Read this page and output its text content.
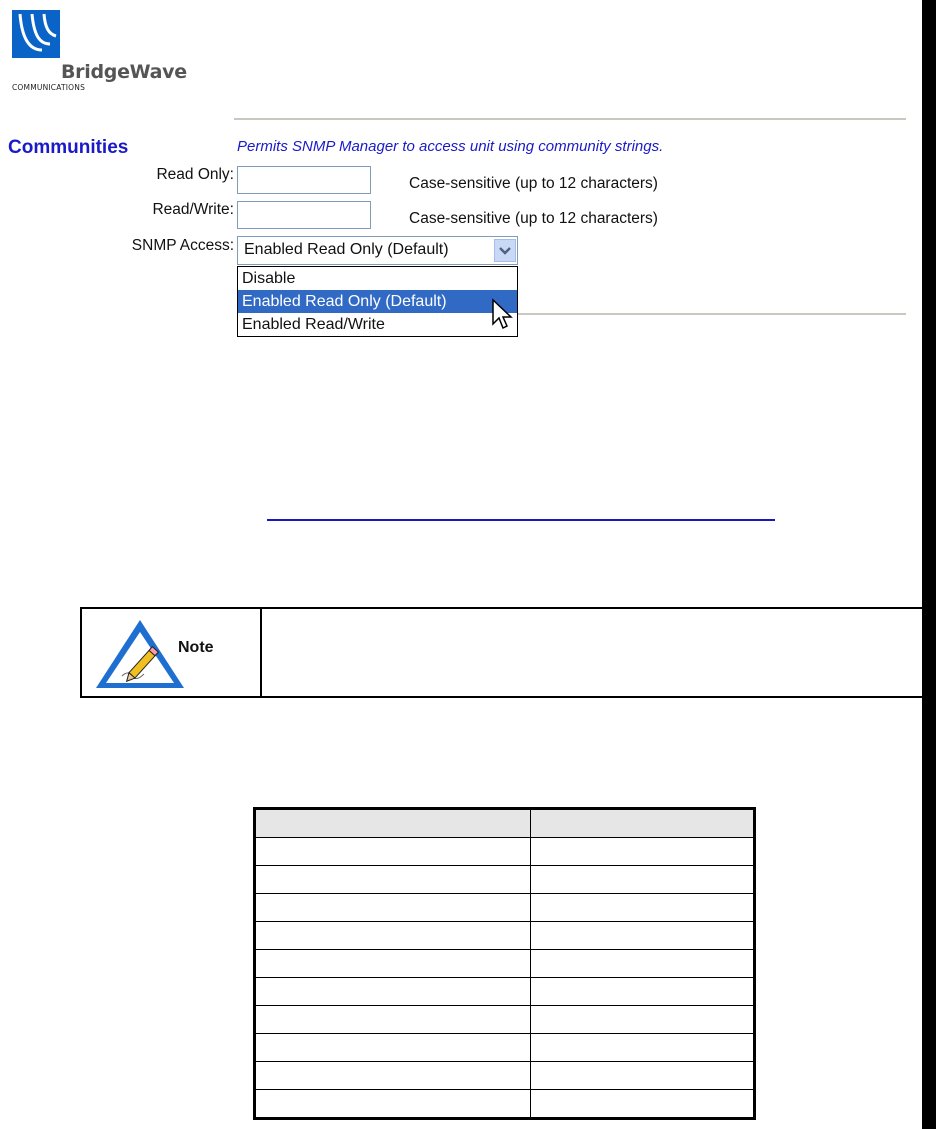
BridgeWave
COMMUNICATIONS
Communities	Permits SNMP Manager to access unit using community strings.
Read Only:
Case-sensitive (up to 12 characters)
Read/Write:
Case-sensitive (up to 12 characters)
SNMP Access: Enabled Read Only (Default)
Disable
Enabled Read Only (Default)
Enabled Read/Write
Note
